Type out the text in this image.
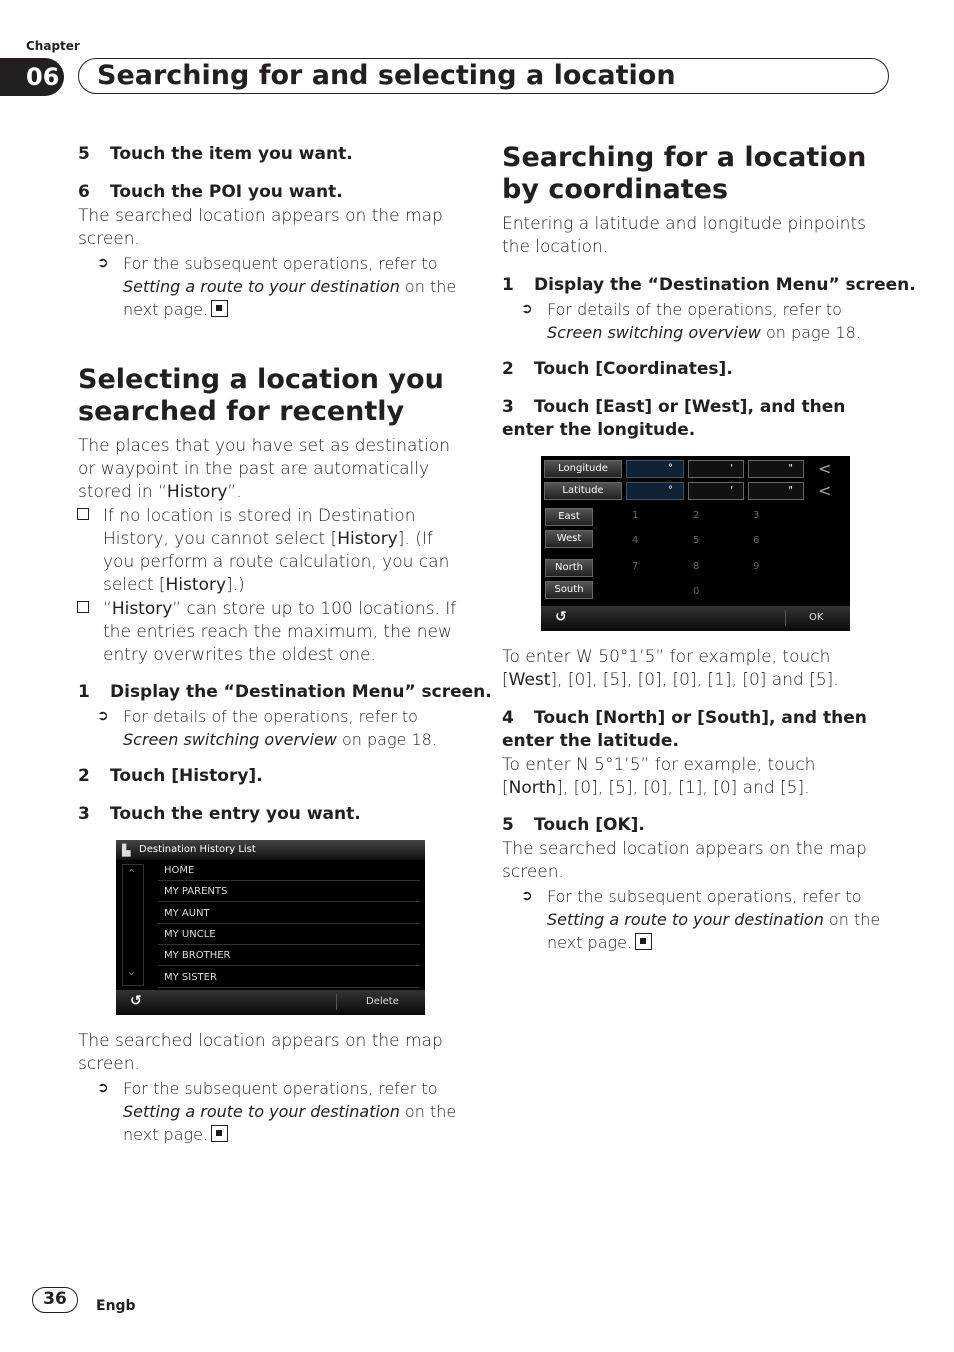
Chapter
06	Searching for and selecting a location
5 Touch the item you want.
6 Touch the POI you want.
The searched location appears on the map screen.
➲ For the subsequent operations, refer to Setting a route to your destination on the next page.
Selecting a location you searched for recently
The places that you have set as destination or waypoint in the past are automatically stored in “History”.
If no location is stored in Destination History, you cannot select [History]. (If you perform a route calculation, you can select [History].)
“History” can store up to 100 locations. If the entries reach the maximum, the new entry overwrites the oldest one.
1 Display the “Destination Menu” screen.
➲ For details of the operations, refer to Screen switching overview on page 18.
2 Touch [History].
3 Touch the entry you want.
▙ Destination History List
⌃
⌄
HOME
MY PARENTS
MY AUNT
MY UNCLE
MY BROTHER
MY SISTER
↺	Delete
The searched location appears on the map screen.
➲ For the subsequent operations, refer to Setting a route to your destination on the next page.
Searching for a location by coordinates
Entering a latitude and longitude pinpoints the location.
1 Display the “Destination Menu” screen.
➲ For details of the operations, refer to Screen switching overview on page 18.
2 Touch [Coordinates].
3 Touch [East] or [West], and then enter the longitude.
Longitude
Latitude
°	'	"
°	'	"
<
<
East
West
North
South
1	2	3
4	5	6
7	8	9
0
↺	OK
To enter W 50°1’5” for example, touch [West], [0], [5], [0], [0], [1], [0] and [5].
4 Touch [North] or [South], and then enter the latitude.
To enter N 5°1’5” for example, touch [North], [0], [5], [0], [1], [0] and [5].
5 Touch [OK].
The searched location appears on the map screen.
➲ For the subsequent operations, refer to Setting a route to your destination on the next page.
36	Engb
